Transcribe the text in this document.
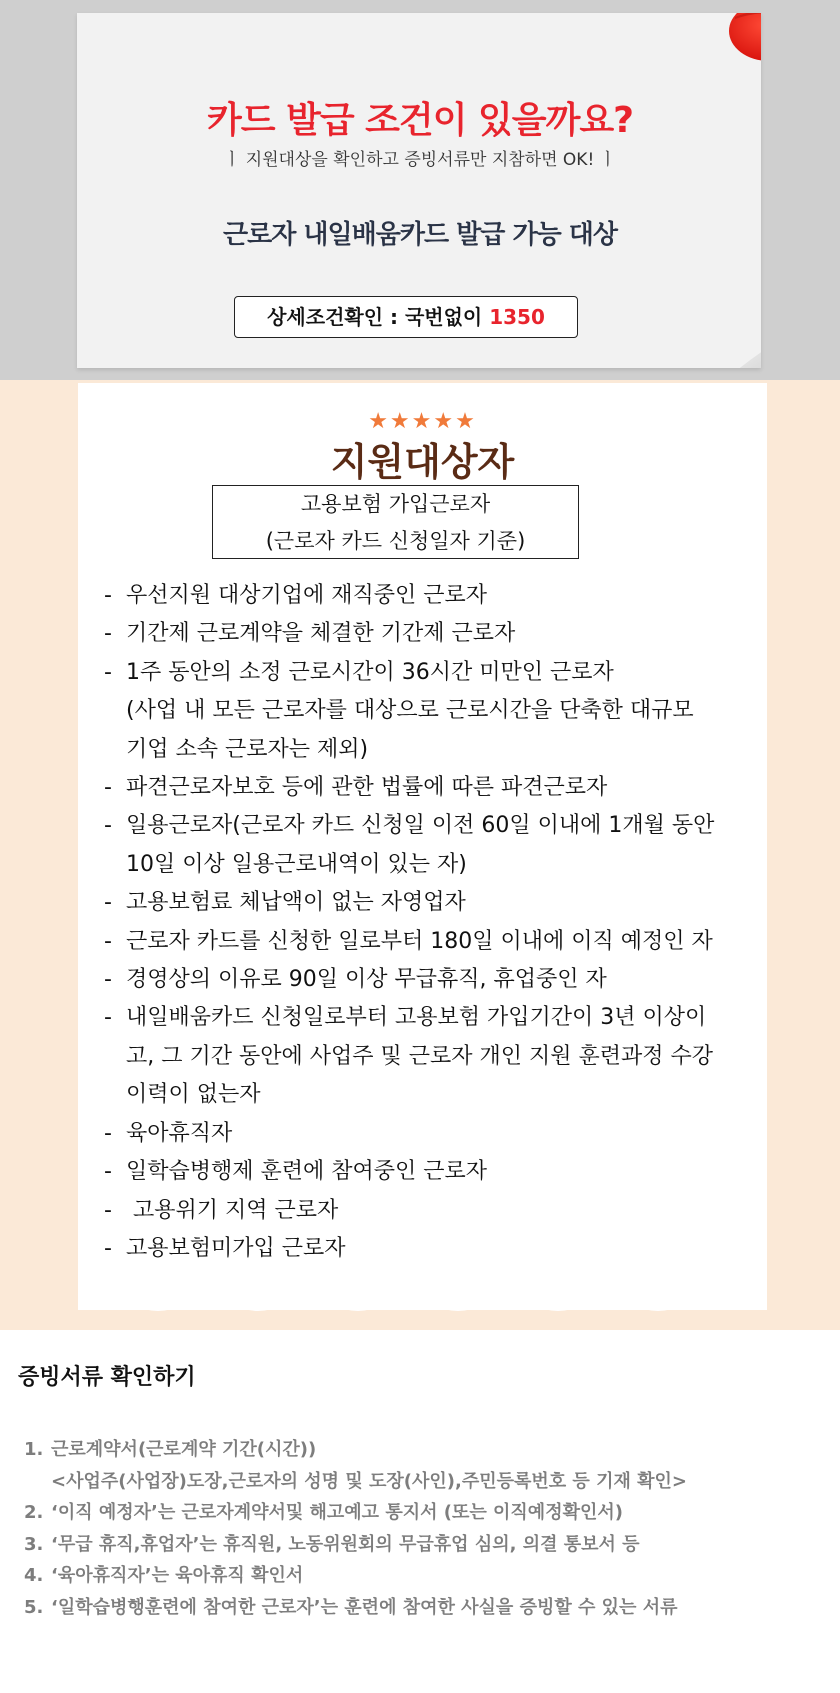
카드 발급 조건이 있을까요?
ㅣ 지원대상을 확인하고 증빙서류만 지참하면 OK! ㅣ
근로자 내일배움카드 발급 가능 대상
상세조건확인 : 국번없이 1350
★★★★★
지원대상자
고용보험 가입근로자
(근로자 카드 신청일자 기준)
- 우선지원 대상기업에 재직중인 근로자
- 기간제 근로계약을 체결한 기간제 근로자
- 1주 동안의 소정 근로시간이 36시간 미만인 근로자
(사업 내 모든 근로자를 대상으로 근로시간을 단축한 대규모
기업 소속 근로자는 제외)
- 파견근로자보호 등에 관한 법률에 따른 파견근로자
- 일용근로자(근로자 카드 신청일 이전 60일 이내에 1개월 동안
10일 이상 일용근로내역이 있는 자)
- 고용보험료 체납액이 없는 자영업자
- 근로자 카드를 신청한 일로부터 180일 이내에 이직 예정인 자
- 경영상의 이유로 90일 이상 무급휴직, 휴업중인 자
- 내일배움카드 신청일로부터 고용보험 가입기간이 3년 이상이
고, 그 기간 동안에 사업주 및 근로자 개인 지원 훈련과정 수강
이력이 없는자
- 육아휴직자
- 일학습병행제 훈련에 참여중인 근로자
- 고용위기 지역 근로자
- 고용보험미가입 근로자
증빙서류 확인하기
1. 근로계약서(근로계약 기간(시간))
<사업주(사업장)도장,근로자의 성명 및 도장(사인),주민등록번호 등 기재 확인>
2. ‘이직 예정자’는 근로자계약서및 해고예고 통지서 (또는 이직예정확인서)
3. ‘무급 휴직,휴업자’는 휴직원, 노동위원회의 무급휴업 심의, 의결 통보서 등
4. ‘육아휴직자’는 육아휴직 확인서
5. ‘일학습병행훈련에 참여한 근로자’는 훈련에 참여한 사실을 증빙할 수 있는 서류
